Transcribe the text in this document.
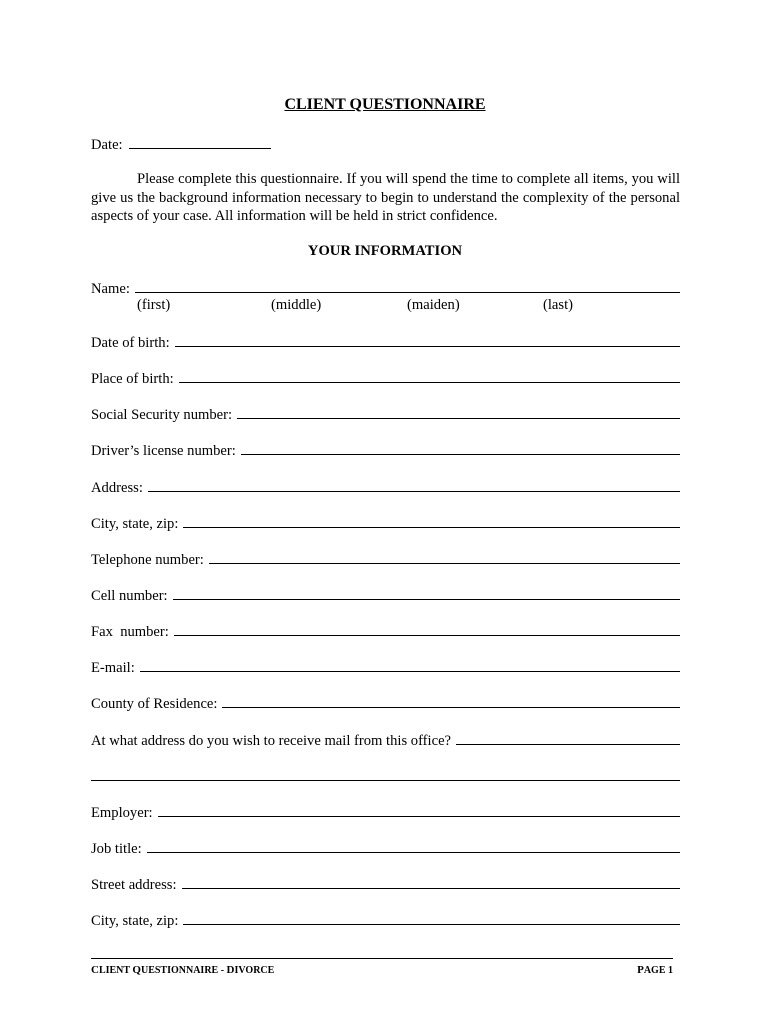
CLIENT QUESTIONNAIRE
Date:
Please complete this questionnaire. If you will spend the time to complete all items, you will give us the background information necessary to begin to understand the complexity of the personal aspects of your case. All information will be held in strict confidence.
YOUR INFORMATION
Name:
(first)	(middle)	(maiden)	(last)
Date of birth:
Place of birth:
Social Security number:
Driver’s license number:
Address:
City, state, zip:
Telephone number:
Cell number:
Fax  number:
E-mail:
County of Residence:
At what address do you wish to receive mail from this office?
Employer:
Job title:
Street address:
City, state, zip:
CLIENT QUESTIONNAIRE - DIVORCE	PAGE 1
